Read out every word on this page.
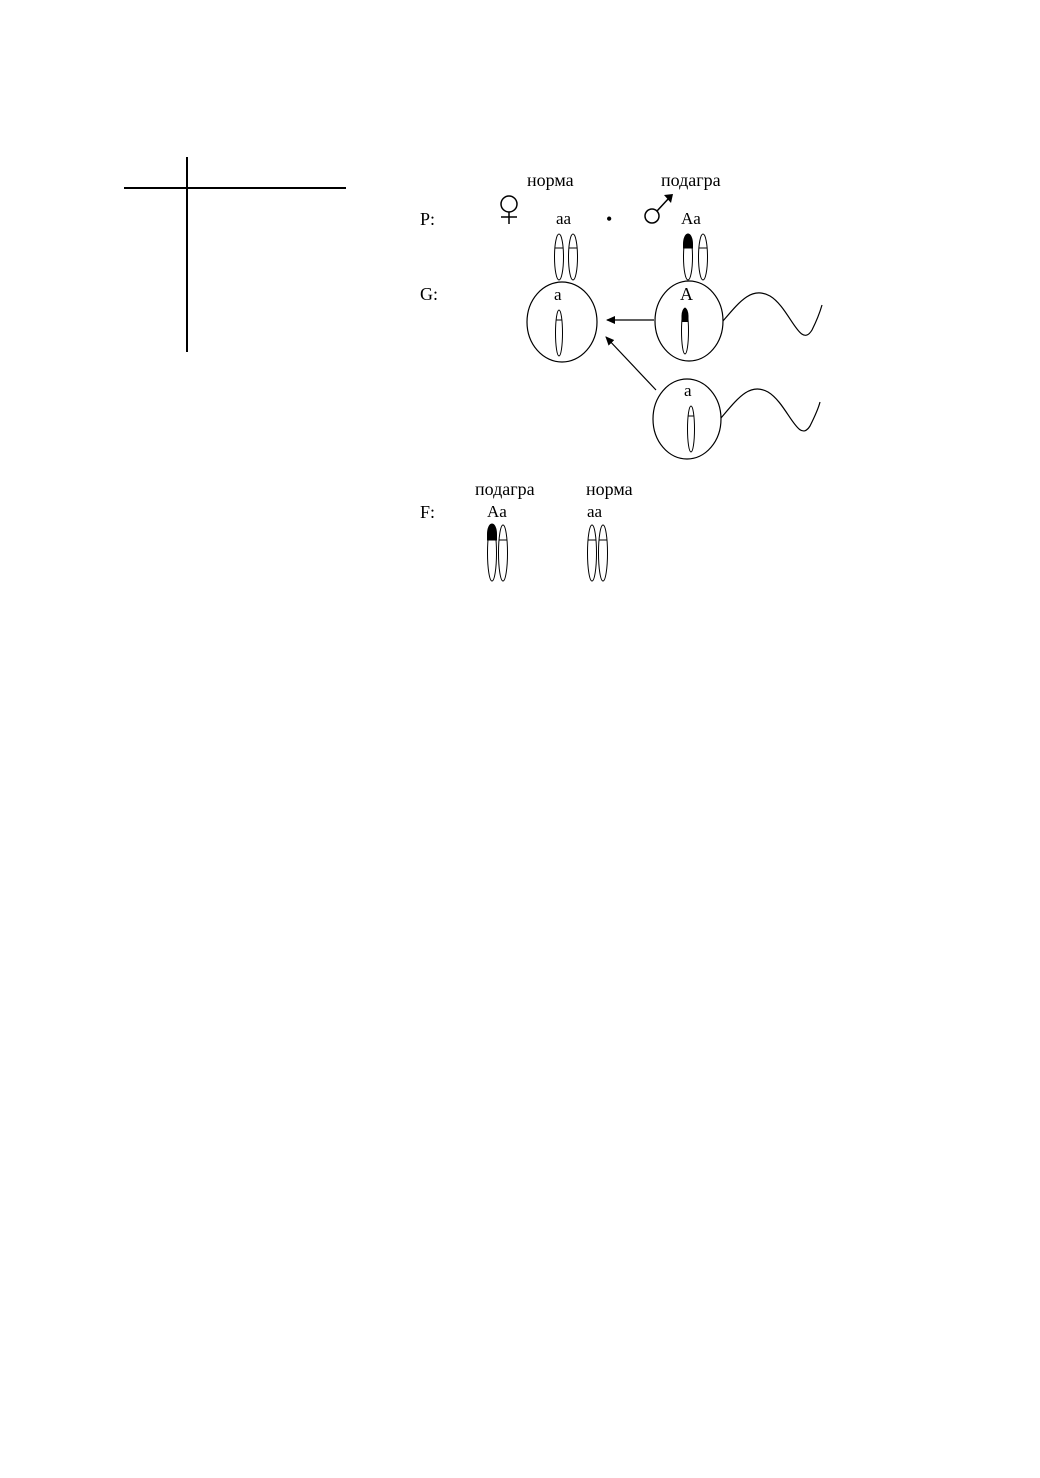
P:
G:
F:
норма	подагра
aa •	Aa
a	A
a
подагра	норма
Aa	aa
